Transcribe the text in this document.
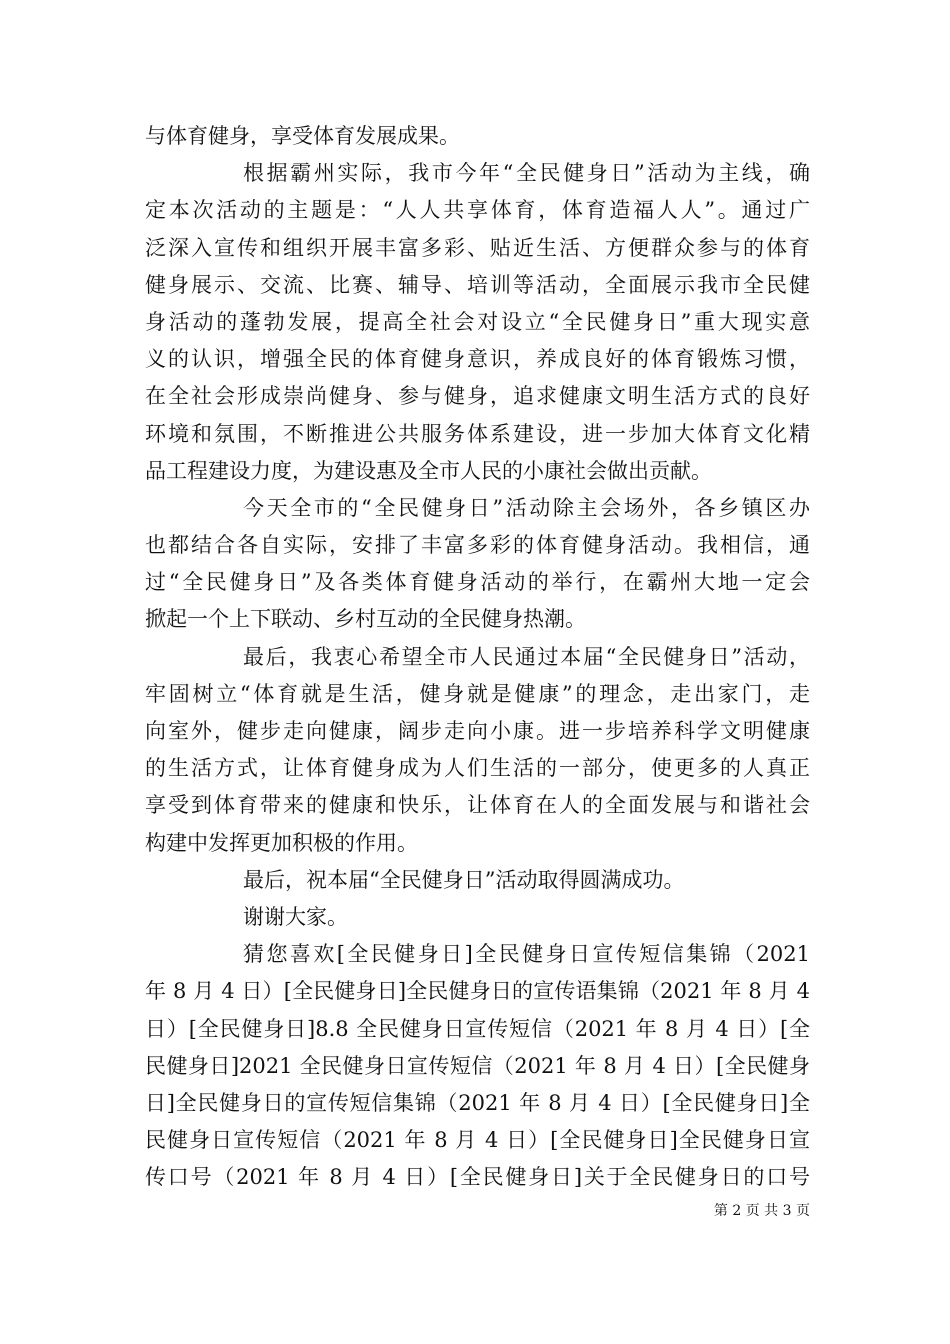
与体育健身，享受体育发展成果。
根据霸州实际，我市今年“全民健身日”活动为主线，确
定本次活动的主题是：“人人共享体育，体育造福人人”。通过广
泛深入宣传和组织开展丰富多彩、贴近生活、方便群众参与的体育
健身展示、交流、比赛、辅导、培训等活动，全面展示我市全民健
身活动的蓬勃发展，提高全社会对设立“全民健身日”重大现实意
义的认识，增强全民的体育健身意识，养成良好的体育锻炼习惯，
在全社会形成崇尚健身、参与健身，追求健康文明生活方式的良好
环境和氛围，不断推进公共服务体系建设，进一步加大体育文化精
品工程建设力度，为建设惠及全市人民的小康社会做出贡献。
今天全市的“全民健身日”活动除主会场外，各乡镇区办
也都结合各自实际，安排了丰富多彩的体育健身活动。我相信，通
过“全民健身日”及各类体育健身活动的举行，在霸州大地一定会
掀起一个上下联动、乡村互动的全民健身热潮。
最后，我衷心希望全市人民通过本届“全民健身日”活动，
牢固树立“体育就是生活，健身就是健康”的理念，走出家门，走
向室外，健步走向健康，阔步走向小康。进一步培养科学文明健康
的生活方式，让体育健身成为人们生活的一部分，使更多的人真正
享受到体育带来的健康和快乐，让体育在人的全面发展与和谐社会
构建中发挥更加积极的作用。
最后，祝本届“全民健身日”活动取得圆满成功。
谢谢大家。
猜您喜欢[全民健身日]全民健身日宣传短信集锦（2021
年 8 月 4 日）[全民健身日]全民健身日的宣传语集锦（2021 年 8 月 4
日）[全民健身日]8.8 全民健身日宣传短信（2021 年 8 月 4 日）[全
民健身日]2021 全民健身日宣传短信（2021 年 8 月 4 日）[全民健身
日]全民健身日的宣传短信集锦（2021 年 8 月 4 日）[全民健身日]全
民健身日宣传短信（2021 年 8 月 4 日）[全民健身日]全民健身日宣
传口号（2021 年 8 月 4 日）[全民健身日]关于全民健身日的口号
第 2 页 共 3 页
